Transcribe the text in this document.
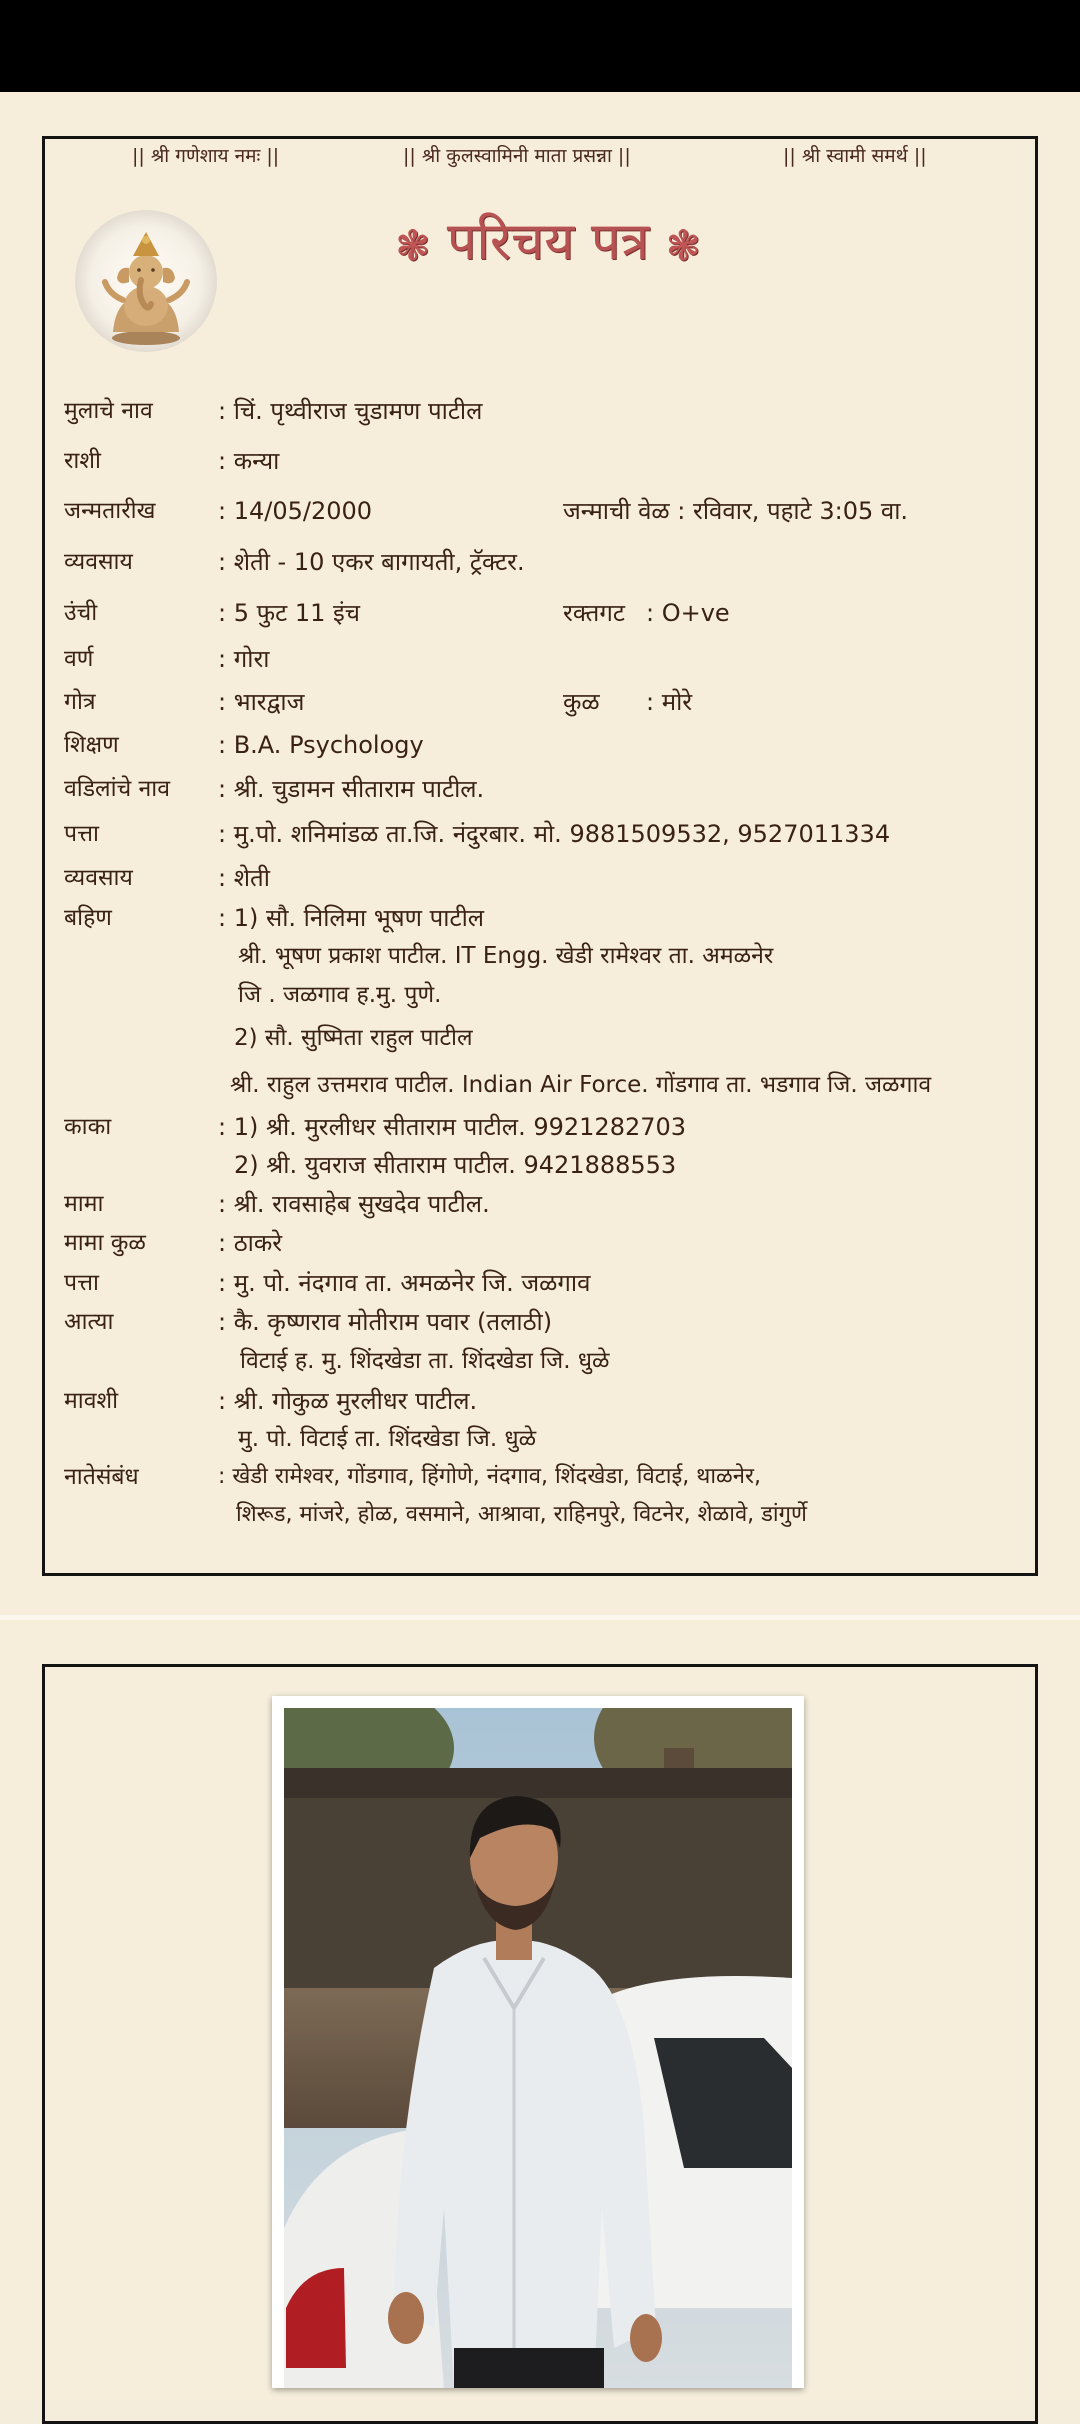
|| श्री गणेशाय नमः ||	|| श्री कुलस्वामिनी माता प्रसन्ना ||	|| श्री स्वामी समर्थ ||
❃ परिचय पत्र ❃
मुलाचे नाव	: चिं. पृथ्वीराज चुडामण पाटील
राशी	: कन्या
जन्मतारीख	: 14/05/2000	जन्माची वेळ : रविवार, पहाटे 3:05 वा.
व्यवसाय	: शेती - 10 एकर बागायती, ट्रॅक्टर.
उंची	: 5 फुट 11 इंच	रक्तगट : O+ve
वर्ण	: गोरा
गोत्र	: भारद्वाज	कुळ : मोरे
शिक्षण	: B.A. Psychology
वडिलांचे नाव : श्री. चुडामन सीताराम पाटील.
पत्ता	: मु.पो. शनिमांडळ ता.जि. नंदुरबार. मो. 9881509532, 9527011334
व्यवसाय	: शेती
बहिण	: 1) सौ. निलिमा भूषण पाटील
श्री. भूषण प्रकाश पाटील. IT Engg. खेडी रामेश्वर ता. अमळनेर
जि . जळगाव ह.मु. पुणे.
2) सौ. सुष्मिता राहुल पाटील
श्री. राहुल उत्तमराव पाटील. Indian Air Force. गोंडगाव ता. भडगाव जि. जळगाव
काका	: 1) श्री. मुरलीधर सीताराम पाटील. 9921282703
2) श्री. युवराज सीताराम पाटील. 9421888553
मामा	: श्री. रावसाहेब सुखदेव पाटील.
मामा कुळ	: ठाकरे
पत्ता	: मु. पो. नंदगाव ता. अमळनेर जि. जळगाव
आत्या	: कै. कृष्णराव मोतीराम पवार (तलाठी)
विटाई ह. मु. शिंदखेडा ता. शिंदखेडा जि. धुळे
मावशी	: श्री. गोकुळ मुरलीधर पाटील.
मु. पो. विटाई ता. शिंदखेडा जि. धुळे
नातेसंबंध	: खेडी रामेश्वर, गोंडगाव, हिंगोणे, नंदगाव, शिंदखेडा, विटाई, थाळनेर,
शिरूड, मांजरे, होळ, वसमाने, आश्रावा, राहिनपुरे, विटनेर, शेळावे, डांगुर्णे
